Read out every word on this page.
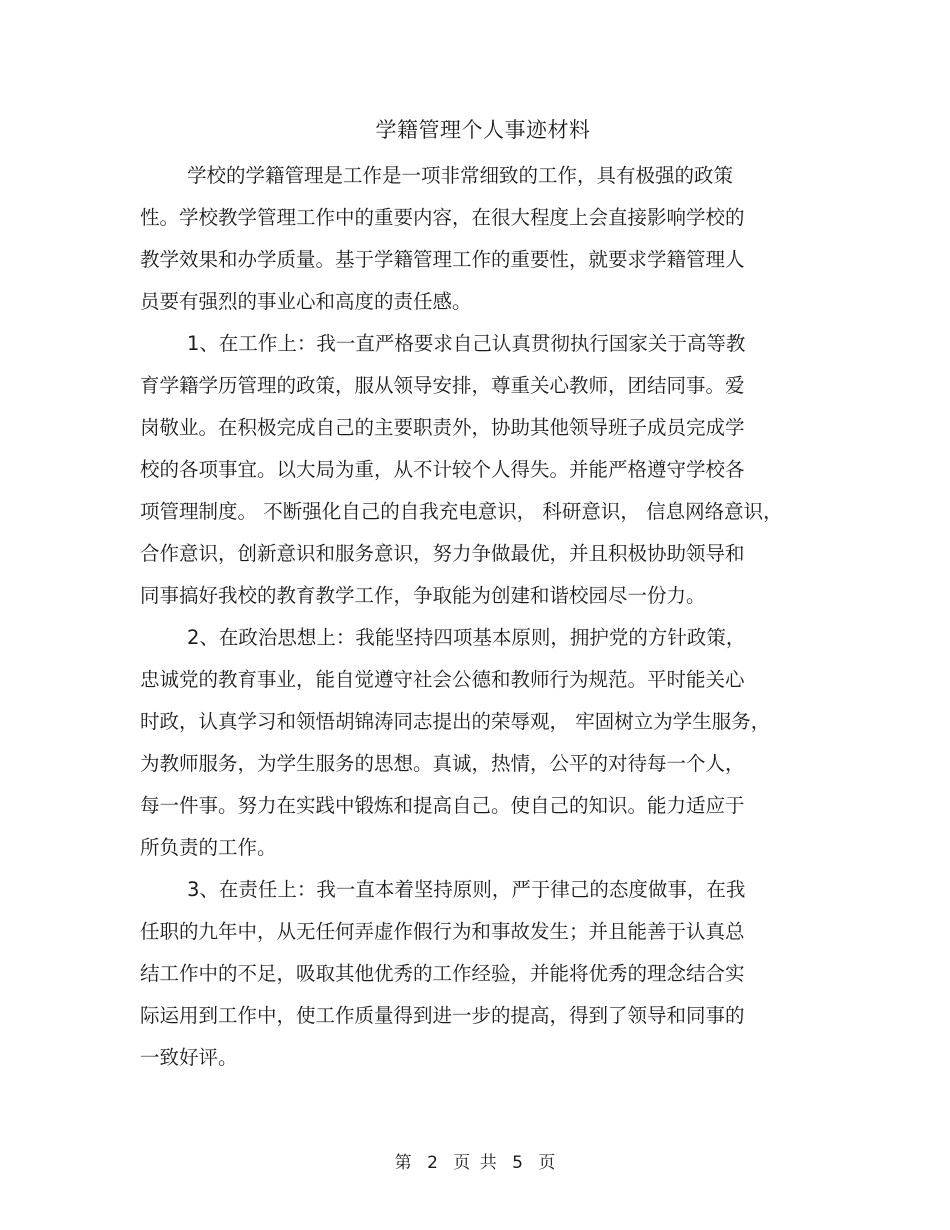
学籍管理个人事迹材料
学校的学籍管理是工作是一项非常细致的工作，具有极强的政策
性。学校教学管理工作中的重要内容，在很大程度上会直接影响学校的
教学效果和办学质量。基于学籍管理工作的重要性，就要求学籍管理人
员要有强烈的事业心和高度的责任感。
1、在工作上：我一直严格要求自己认真贯彻执行国家关于高等教
育学籍学历管理的政策，服从领导安排，尊重关心教师，团结同事。爱
岗敬业。在积极完成自己的主要职责外，协助其他领导班子成员完成学
校的各项事宜。以大局为重，从不计较个人得失。并能严格遵守学校各
项管理制度。 不断强化自己的自我充电意识， 科研意识， 信息网络意识，
合作意识，创新意识和服务意识，努力争做最优，并且积极协助领导和
同事搞好我校的教育教学工作，争取能为创建和谐校园尽一份力。
2、在政治思想上：我能坚持四项基本原则，拥护党的方针政策，
忠诚党的教育事业，能自觉遵守社会公德和教师行为规范。平时能关心
时政，认真学习和领悟胡锦涛同志提出的荣辱观， 牢固树立为学生服务，
为教师服务，为学生服务的思想。真诚，热情，公平的对待每一个人，
每一件事。努力在实践中锻炼和提高自己。使自己的知识。能力适应于
所负责的工作。
3、在责任上：我一直本着坚持原则，严于律己的态度做事，在我
任职的九年中，从无任何弄虚作假行为和事故发生；并且能善于认真总
结工作中的不足，吸取其他优秀的工作经验，并能将优秀的理念结合实
际运用到工作中，使工作质量得到进一步的提高，得到了领导和同事的
一致好评。
第 2 页 共 5 页
